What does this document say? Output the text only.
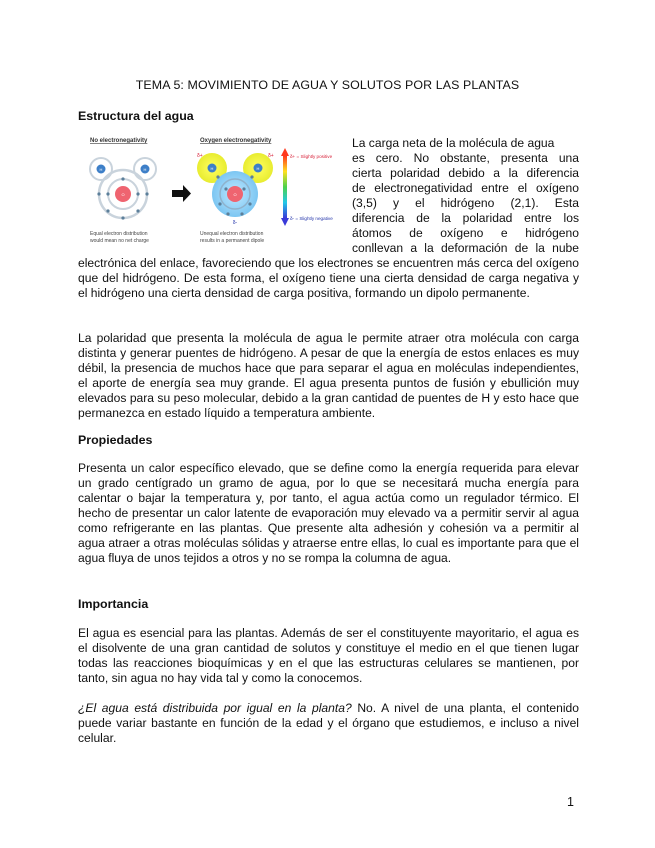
TEMA 5: MOVIMIENTO DE AGUA Y SOLUTOS POR LAS PLANTAS
Estructura del agua
No electronegativity
O
H	H
Equal electron distribution
would mean no net charge
Oxygen electronegativity
O
H	H
δ+	δ+
δ-
Unequal electron distribution
results in a permanent dipole
δ+ = Slightly positive
δ- = Slightly negative
La carga neta de la molécula de agua
es cero. No obstante, presenta una
cierta polaridad debido a la diferencia
de electronegatividad entre el oxígeno
(3,5) y el hidrógeno (2,1). Esta
diferencia de la polaridad entre los
átomos de oxígeno e hidrógeno
conllevan a la deformación de la nube

electrónica del enlace, favoreciendo que los electrones se encuentren más cerca del oxígeno que del hidrógeno. De esta forma, el oxígeno tiene una cierta densidad de carga negativa y el hidrógeno una cierta densidad de carga positiva, formando un dipolo permanente.

La polaridad que presenta la molécula de agua le permite atraer otra molécula con carga distinta y generar puentes de hidrógeno. A pesar de que la energía de estos enlaces es muy débil, la presencia de muchos hace que para separar el agua en moléculas independientes, el aporte de energía sea muy grande. El agua presenta puntos de fusión y ebullición muy elevados para su peso molecular, debido a la gran cantidad de puentes de H y esto hace que permanezca en estado líquido a temperatura ambiente.

Propiedades

Presenta un calor específico elevado, que se define como la energía requerida para elevar un grado centígrado un gramo de agua, por lo que se necesitará mucha energía para calentar o bajar la temperatura y, por tanto, el agua actúa como un regulador térmico. El hecho de presentar un calor latente de evaporación muy elevado va a permitir servir al agua como refrigerante en las plantas. Que presente alta adhesión y cohesión va a permitir al agua atraer a otras moléculas sólidas y atraerse entre ellas, lo cual es importante para que el agua fluya de unos tejidos a otros y no se rompa la columna de agua.

Importancia

El agua es esencial para las plantas. Además de ser el constituyente mayoritario, el agua es el disolvente de una gran cantidad de solutos y constituye el medio en el que tienen lugar todas las reacciones bioquímicas y en el que las estructuras celulares se mantienen, por tanto, sin agua no hay vida tal y como la conocemos.

¿El agua está distribuida por igual en la planta? No. A nivel de una planta, el contenido puede variar bastante en función de la edad y el órgano que estudiemos, e incluso a nivel celular.

1
